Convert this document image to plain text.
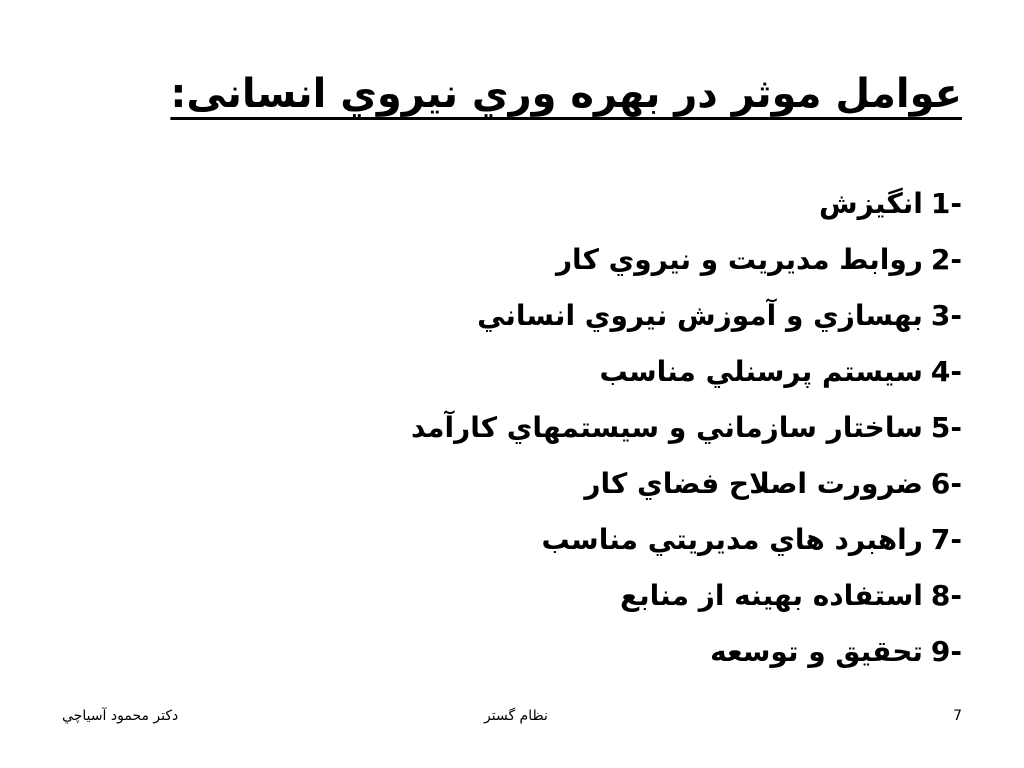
عوامل موثر در بهره وري نيروي انسانی:
1-انگيزش
2-روابط مديريت و نيروي كار
3-بهسازي و آموزش نيروي انساني
4-سيستم پرسنلي مناسب
5-ساختار سازماني و سيستمهاي كارآمد
6-ضرورت اصلاح فضاي كار
7-راهبرد هاي مديريتي مناسب
8-استفاده بهينه از منابع
9-تحقيق و توسعه
دكتر محمود آسياچي	نظام گستر	7
